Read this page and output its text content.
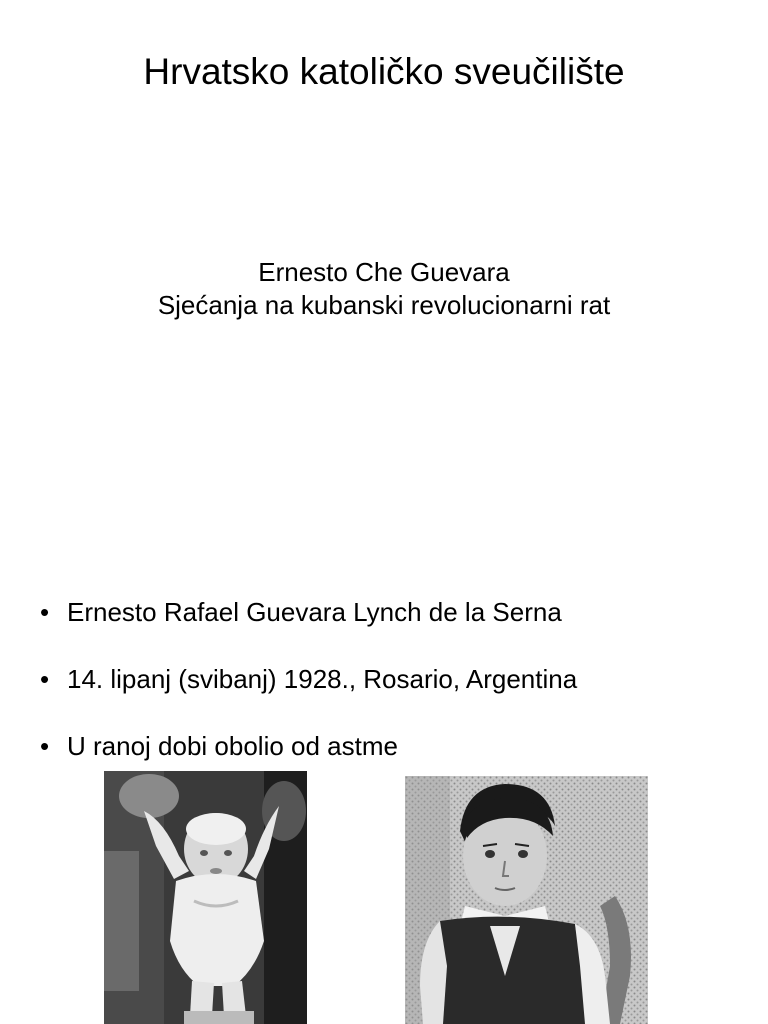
Hrvatsko katoličko sveučilište
Ernesto Che Guevara
Sjećanja na kubanski revolucionarni rat
• Ernesto Rafael Guevara Lynch de la Serna
• 14. lipanj (svibanj) 1928., Rosario, Argentina
• U ranoj dobi obolio od astme
